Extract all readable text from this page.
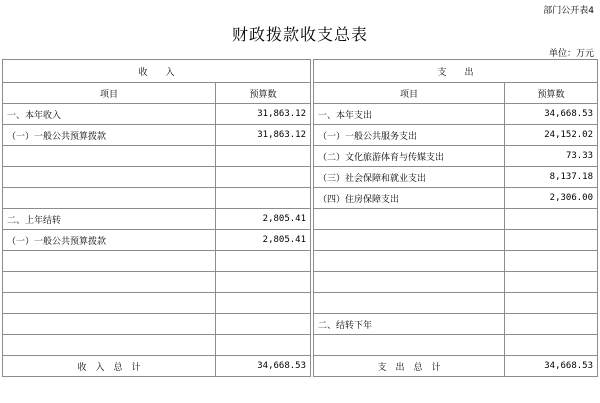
部门公开表4
财政拨款收支总表
单位：万元
收　　入			支　　出	
项目	预算数		项目	预算数
一、本年收入	31,863.12		一、本年支出	34,668.53
（一）一般公共预算拨款	31,863.12		（一）一般公共服务支出	24,152.02
			（二）文化旅游体育与传媒支出	73.33
			（三）社会保障和就业支出	8,137.18
			（四）住房保障支出	2,306.00
二、上年结转	2,805.41			
（一）一般公共预算拨款	2,805.41			

			二、结转下年	

收　入　总　计	34,668.53		支　出　总　计	34,668.53
